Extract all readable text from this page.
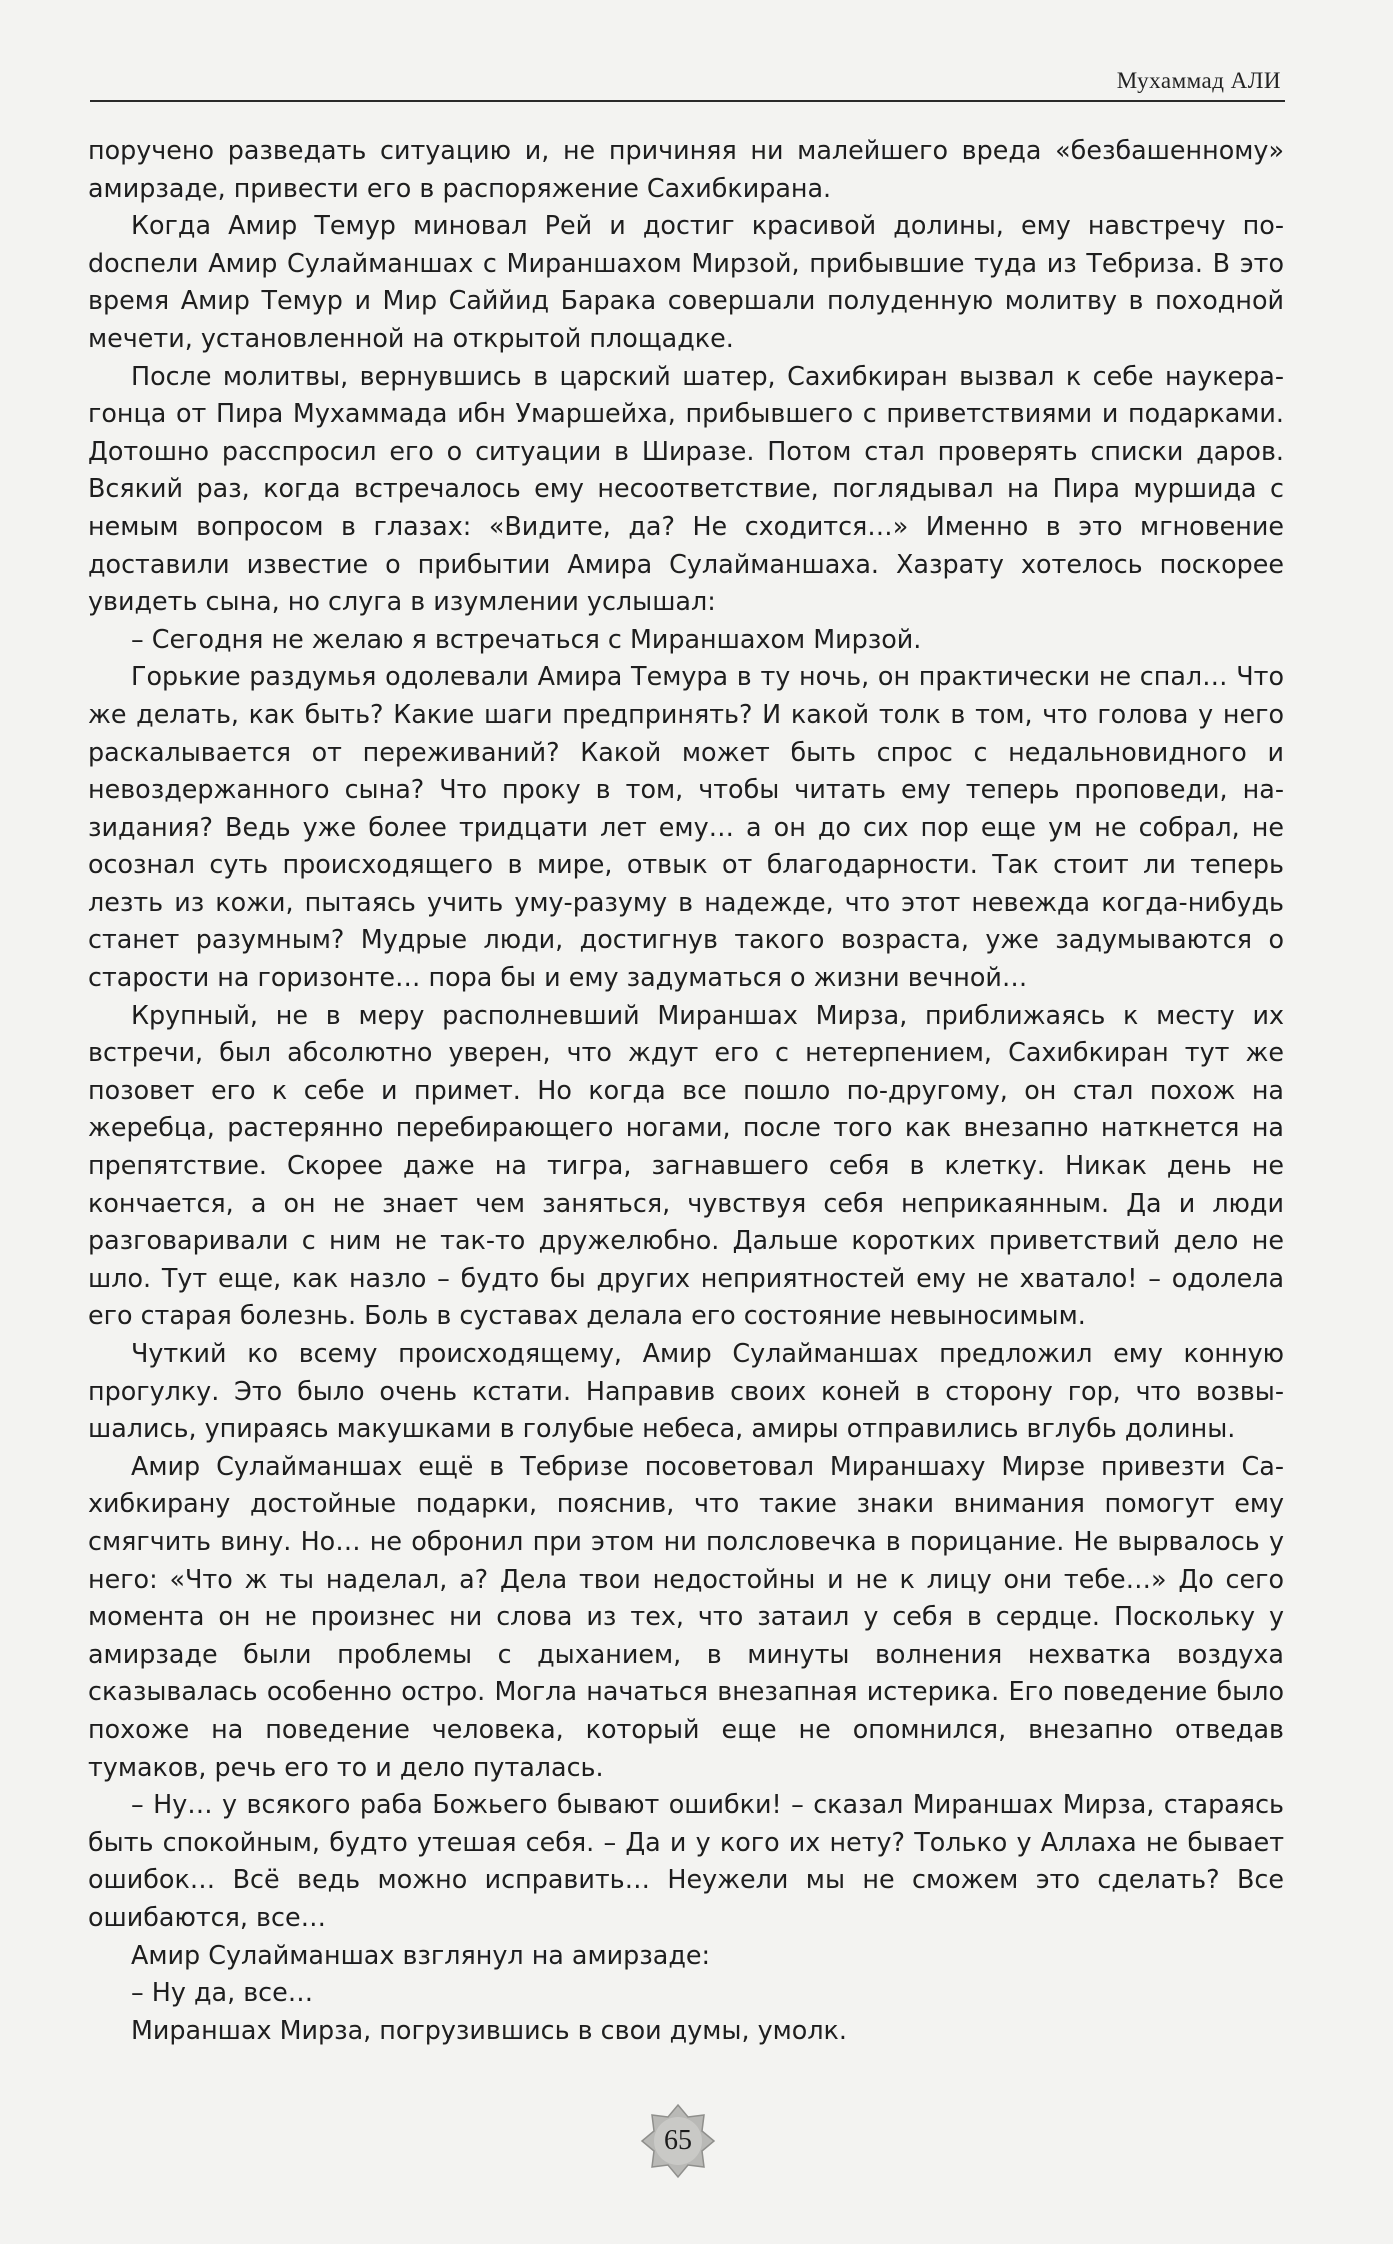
Мухаммад АЛИ

поручено разведать ситуацию и, не причиняя ни малейшего вреда «безбашенному» амирзаде, привести его в распоряжение Сахибкирана.

Когда Амир Темур миновал Рей и достиг красивой долины, ему навстречу поdоспели Амир Сулайманшах с Мираншахом Мирзой, прибывшие туда из Тебриза. В это время Амир Темур и Мир Саййид Барака совершали полуденную молитву в походной мечети, установленной на открытой площадке.

После молитвы, вернувшись в царский шатер, Сахибкиран вызвал к себе наукера-гонца от Пира Мухаммада ибн Умаршейха, прибывшего с приветствиями и подарками. Дотошно расспросил его о ситуации в Ширазе. Потом стал проверять списки даров. Всякий раз, когда встречалось ему несоответствие, поглядывал на Пира муршида с немым вопросом в глазах: «Видите, да? Не сходится…» Именно в это мгновение доставили известие о прибытии Амира Сулайманшаха. Хазрату хотелось поскорее увидеть сына, но слуга в изумлении услышал:

– Сегодня не желаю я встречаться с Мираншахом Мирзой.

Горькие раздумья одолевали Амира Темура в ту ночь, он практически не спал… Что же делать, как быть? Какие шаги предпринять? И какой толк в том, что голова у него раскалывается от переживаний? Какой может быть спрос с недальновидного и невоздержанного сына? Что проку в том, чтобы читать ему теперь проповеди, назидания? Ведь уже более тридцати лет ему… а он до сих пор еще ум не собрал, не осознал суть происходящего в мире, отвык от благодарности. Так стоит ли теперь лезть из кожи, пытаясь учить уму-разуму в надежде, что этот невежда когда-нибудь станет разумным? Мудрые люди, достигнув такого возраста, уже задумываются о старости на горизонте… пора бы и ему задуматься о жизни вечной…

Крупный, не в меру располневший Мираншах Мирза, приближаясь к месту их встречи, был абсолютно уверен, что ждут его с нетерпением, Сахибкиран тут же позовет его к себе и примет. Но когда все пошло по-другому, он стал похож на жеребца, растерянно перебирающего ногами, после того как внезапно наткнется на препятствие. Скорее даже на тигра, загнавшего себя в клетку. Никак день не кончается, а он не знает чем заняться, чувствуя себя неприкаянным. Да и люди разговаривали с ним не так-то дружелюбно. Дальше коротких приветствий дело не шло. Тут еще, как назло – будто бы других неприятностей ему не хватало! – одолела его старая болезнь. Боль в суставах делала его состояние невыносимым.

Чуткий ко всему происходящему, Амир Сулайманшах предложил ему конную прогулку. Это было очень кстати. Направив своих коней в сторону гор, что возвышались, упираясь макушками в голубые небеса, амиры отправились вглубь долины.

Амир Сулайманшах ещё в Тебризе посоветовал Мираншаху Мирзе привезти Сахибкирану достойные подарки, пояснив, что такие знаки внимания помогут ему смягчить вину. Но… не обронил при этом ни полсловечка в порицание. Не вырвалось у него: «Что ж ты наделал, а? Дела твои недостойны и не к лицу они тебе…» До сего момента он не произнес ни слова из тех, что затаил у себя в сердце. Поскольку у амирзаде были проблемы с дыханием, в минуты волнения нехватка воздуха сказывалась особенно остро. Могла начаться внезапная истерика. Его поведение было похоже на поведение человека, который еще не опомнился, внезапно отведав тумаков, речь его то и дело путалась.

– Ну… у всякого раба Божьего бывают ошибки! – сказал Мираншах Мирза, стараясь быть спокойным, будто утешая себя. – Да и у кого их нету? Только у Аллаха не бывает ошибок… Всё ведь можно исправить… Неужели мы не сможем это сделать? Все ошибаются, все…

Амир Сулайманшах взглянул на амирзаде:

– Ну да, все…

Мираншах Мирза, погрузившись в свои думы, умолк.

65
